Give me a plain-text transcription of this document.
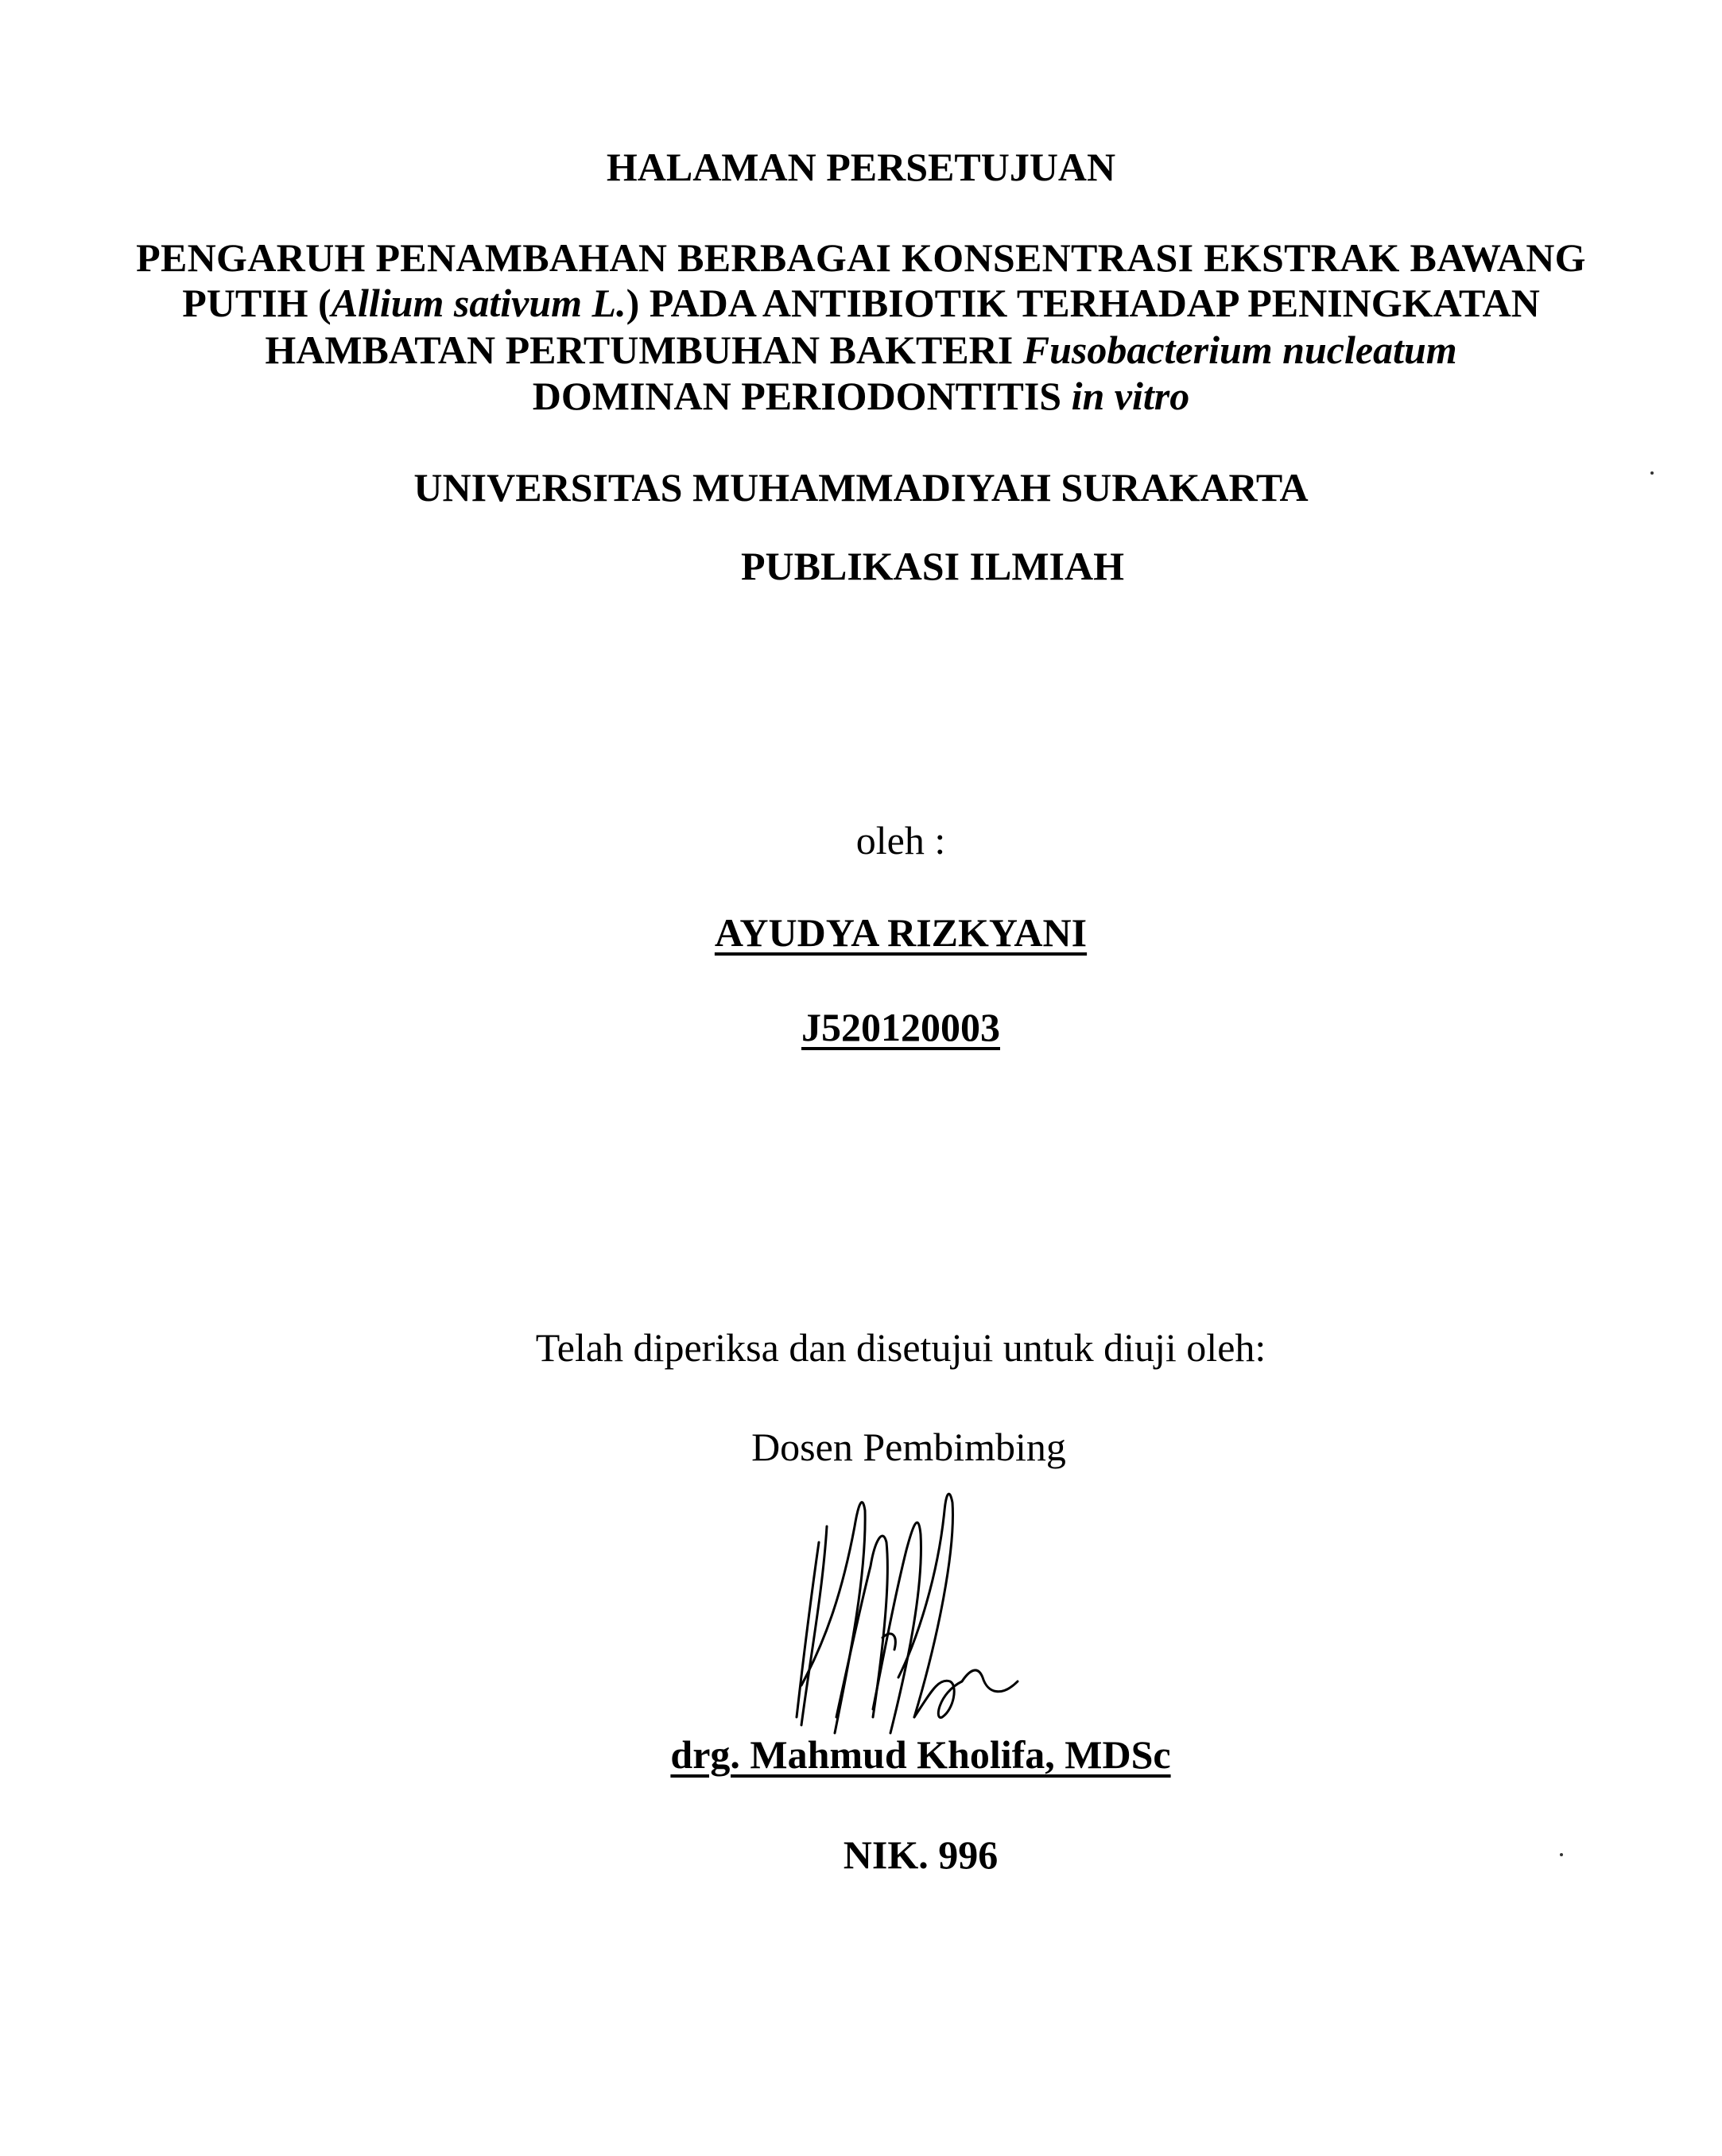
HALAMAN PERSETUJUAN
PENGARUH PENAMBAHAN BERBAGAI KONSENTRASI EKSTRAK BAWANG
PUTIH (Allium sativum L.) PADA ANTIBIOTIK TERHADAP PENINGKATAN
HAMBATAN PERTUMBUHAN BAKTERI Fusobacterium nucleatum
DOMINAN PERIODONTITIS in vitro
UNIVERSITAS MUHAMMADIYAH SURAKARTA
PUBLIKASI ILMIAH
oleh :
AYUDYA RIZKYANI
J520120003
Telah diperiksa dan disetujui untuk diuji oleh:
Dosen Pembimbing
drg. Mahmud Kholifa, MDSc
NIK. 996
